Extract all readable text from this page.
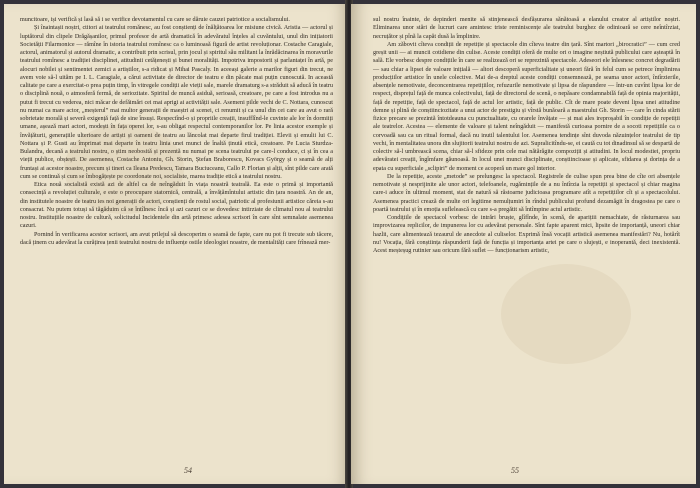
muncitoare, iși verifică și lasă să i se verifice devotamentul cu care se dăruie cauzei patriotice a socialismului.

Și înaintașii noștri, ctitori ai teatrului romănesc, au fost conștienți de înălțătoarea lor misiune civică. Aristia — actorul și luptătorul din clipele Drăgășanilor, primul profesor de artă dramatică în adevăratul înțeles al cuvăntului, unul din inițiatorii Societății Filarmonice — rămîne în istoria teatrului romînesc ca o luminoasă figură de artist revoluționar. Costache Caragiale, actorul, animatorul și autorul dramatic, a contribuit prin scrisul, prin jocul și spiritul său militant la înrădăcinarea în moravurile teatrului romînesc a tradiției disciplinei, atitudinii cetățenești și bunei moralități. Impotriva impostorii și parlantaței în artă, pe alocuri nobilei și sentimentei zemici a artiștilor, s-a ridicat și Mihai Pascaly. In aceeași galerie a marilor figuri din trecut, ne avem voie să-l uităm pe I. L. Caragiale, a cărui activitate de director de teatru e din păcate mai puțin cunoscută. In această calitate pe care a exercitat-o prea puțin timp, în vitregele condiții ale vieții sale, marele dramaturg s-a străduit să aducă în teatru o disciplină nouă, o atmosferă fermă, de seriozitate. Spiritul de muncă asiduă, serioasă, creatoare, pe care a fost introdus nu a putut fi trecut cu vederea, nici măcar de defăimări cei mai aprigi ai activității sale. Asemeni pilde vechi de C. Nottara, cunoscut nu numai ca mare actor, „meșterul” mai multor generații de maeștri ai scenei, ci renumit și ca unul din cei care au avut o rară sobrietate morală și severă exigență față de sine însuși. Respectînd-o și propriile creații, insufflînd-le cuvinte ale lor în dormiiți umane, așează mari actori, modești în fața operei lor, s-au obligat respectul contemporanilor lor. Pe linia acestor exemple și învățăturii, generațiile ulterioare de artiști și oameni de teatru au lăncolat mai departe firul tradiției. Elevii și emulii lui C. Nottara și P. Gusti au împrimat mai departe în teatru linia unei munci de înaltă ținută etică, creatoare. Pe Lucia Sturdza-Bulandra, decană a teatrului nostru, o știm neobosită și prezentă nu numai pe scena teatrului pe care-l conduce, ci și în cea a vieții publice, obștești. De asemenea, Costache Antoniu, Gh. Storin, Ștefan Braborescu, Kovacs György și o seamă de alți fruntași ai acestor noastre, precum și tineri ca Ileana Predescu, Tamara Buciuceanu, Callo P. Florian și alții, sînt pilde care arată cum se continuă și cum se îmbogățește pe coordonate noi, socialiste, marea tradiție etică a teatrului nostru.

Etica nouă socialistă există azi de altfel ca de neîngăduit în viața noastră teatrală. Ea este o primă și importantă consecință a revoluției culturale, e este o preocupare statornică, centrală, a învățămîntului artistic din țara noastră. An de an, din institutele noastre de teatru ies noi generații de actori, conștienți de rostul social, patriotic al profesiunii artistice căreia s-au consacrat. Nu putem totuși să tăgăduim că se întîlnesc încă și azi cazuri ce se dovedesc intirziate de climatul nou al teatrului nostru. Instituțiile noastre de cultură, solicitudul Incidentele din artă primesc adesea scrisori în care sînt semnalate asemenea cazuri.

Pornind în verificarea acestor scrisori, am avut prilejul să descoperim o seamă de fapte, care nu pot fi trecute sub tăcere, dacă ținem cu adevărat la curățirea țenii teatrului nostru de influențe ostile ideologiei noastre, de mentalități care frînează mer-

54

sul nostru înainte, de depinderi menite să stinjenească desfășurarea sănătoasă a elanului creator al artiștilor noștri. Eliminarea unor stări de lucruri care amintesc triste reminiscențe ale teatrului burghez de odinioară se cere neîntîrziat, necruțător și pînă la capăt dusă la împlinire.

Am zăbovit cîteva condiții de repetiție și spectacole din cîteva teatre din țară. Sînt martori „birocratici” — cum cred greșit unii — ai muncii cotidiene din culise. Aceste condiții oferă de multe ori o imagine neștiută publicului care așteaptă în sală. Ele vorbesc despre condițiile în care se realizează ori se reprezintă spectacole. Adeseori ele înlesnesc concret degradării — sau chiar a lipsei de valoare inițială — altori descoperă superficialitate și uneori fără în felul cum se petrece împlinirea producțiilor artistice în unele colective. Mai de-a dreptul aceste condiții consemnează, pe seama unor actori, întîrzierile, absențele nemotivate, deconcentrarea repetițiilor, refuzurile nemotivate și lipsa de răspundere — într-un cuvînt lipsa lor de respect, disprețul față de munca colectivului, față de directorul de scenă, o nepăsare condamnabilă față de opinia majorității, față de repetiție, față de spectacol, față de actul lor artistic, față de public. Cît de mare poate deveni lipsa unei atitudine demne și plină de conștiinciozitate a unui actor de prestigiu și vîrstă bunăoară a maestrului Gh. Storin — care în cinda stării fizice precare se prezintă întotdeauna cu punctualitate, cu orarele învățate — și mai ales ireproșabil în condiție de repetiții ale teatrelor. Acestea — elemente de valoare și talent neîngăduit — manifestă curioasa pornire de a socoti repetițiile ca o corvoadă sau ca un ritual formal, dacă nu inutil talentului lor. Asemenea tendințe sînt duvoda năzuințelor teatrului de tip vechi, în mentalitatea unora din slujitorii teatrului nostru de azi. Supralicitîndu-se, ei caută cu tot dinadinsul să se despartă de colectiv să-l umbrească scena, chiar să-l sfideze prin cele mai nătărăgite compoziții și atitudini. In locul modestiei, propriu adevăratei creații, îngîmfare găunoasă. In locul unei munci disciplinate, conștiincioase și aplicate, sfidarea și dorința de a epata cu superficiale „sclipiri” de moment ce acoperă un mare gol interior.

De la repetiție, aceste „metode” se prelungesc la spectacol. Registrele de culise spun prea bine de cîte ori absențele nemotivate și nesprijinite ale unor actori, telefoanele, rugămințile de a nu întîrzia la repetiții și spectacol și chiar magina care-i aduce în ultimul moment, stat de natură să răstoarne judicioasa programare atît a repetițiilor cît și a spectacolului. Asemenea practici crează de multe ori legitime nemulțumiri în rîndul publicului profund dezamăgit în dragostea pe care o poartă teatrului și în emoția suflelească cu care s-a pregătit să întîmpine actul artistic.

Condițiile de spectacol vorbesc de intrări bruște, glîfînde, în scenă, de aparițiii nemachiate, de răsturnarea sau improvizarea replicilor, de impunerea lor cu adevărat personale. Sînt fapte aparent mici, lipsite de importanță, uneori chiar hazlii, care alimentează tezaurul de anecdote al culiselor. Exprimă însă vocații artistică asemenea manifestări? Nu, hotărît nu! Vocația, fără conștiința răspunderii față de funcția și importanța artei pe care o slujești, e inoperantă, deci inexistentă. Acest meșteșug rutinier sau oricum fără suflet — funcționarism artistic,

55
